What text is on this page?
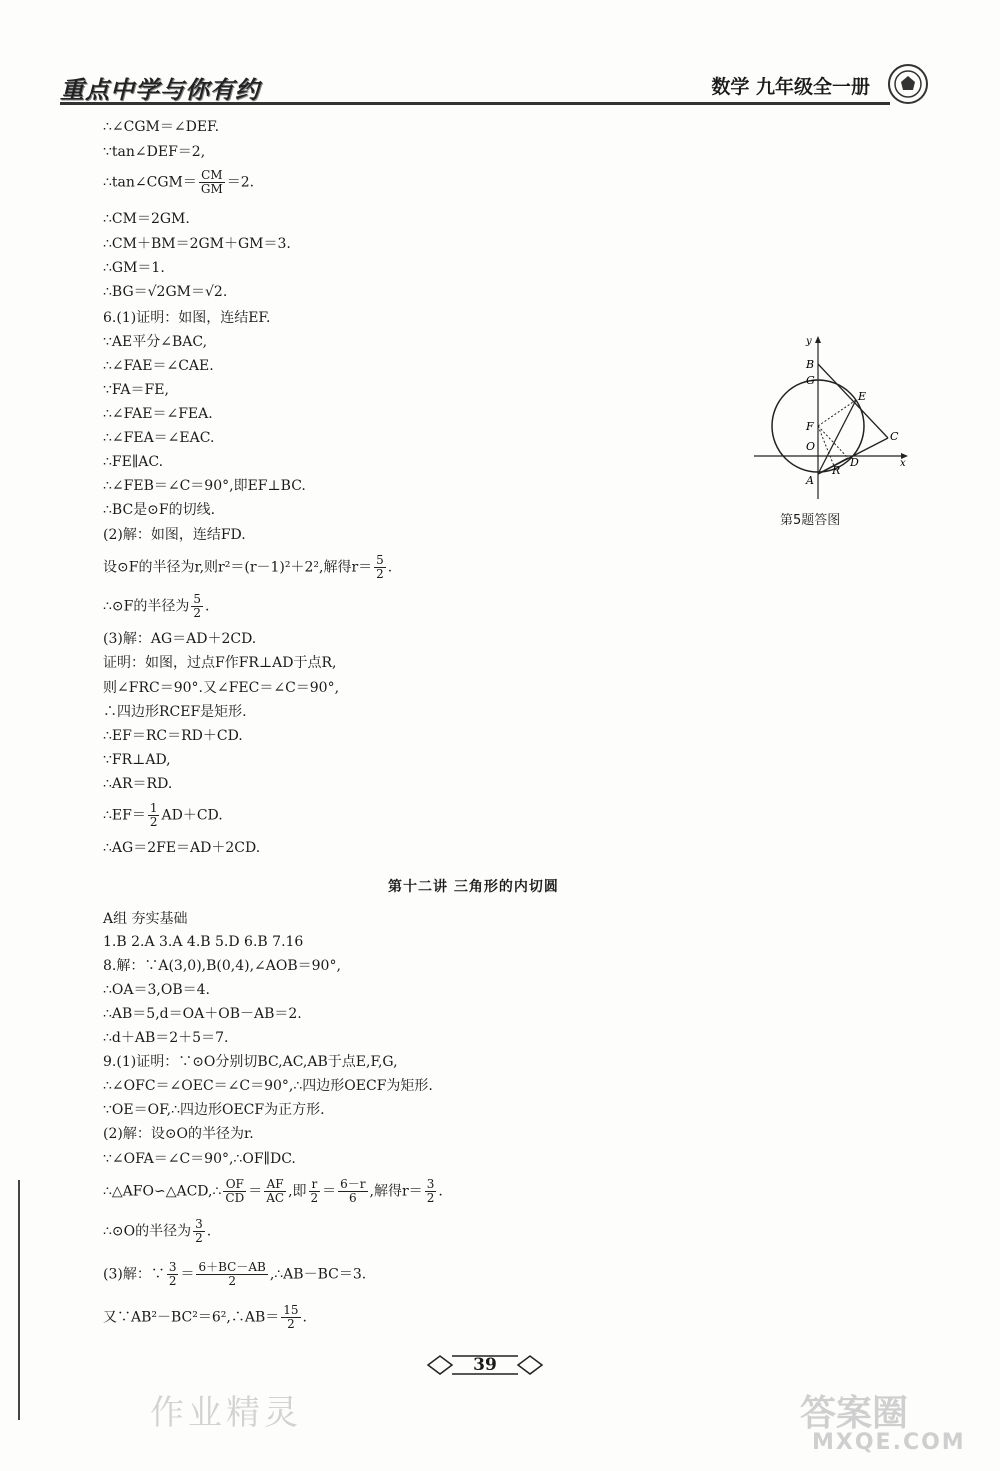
重点中学与你有约	数学 九年级全一册
∴∠CGM＝∠DEF.
∵tan∠DEF＝2,
∴tan∠CGM＝ $\frac{CM}{GM} =2$.
∴CM＝2GM.
∴CM＋BM＝2GM＋GM＝3.
∴GM＝1.
∴BG＝√2GM＝√2.
6.(1)证明：如图，连结EF.
∵AE平分∠BAC,
∴∠FAE＝∠CAE.
∵FA＝FE,
∴∠FAE＝∠FEA.
∴∠FEA＝∠EAC.
∴FE∥AC.
∴∠FEB＝∠C＝90°,即EF⊥BC.
∴BC是⊙F的切线.
(2)解：如图，连结FD.
设⊙F的半径为r,则r²＝(r－1)²＋2²,解得$r= \frac{5}{2}$ .
∴⊙F的半径为 $\frac{5}{2}$ .
(3)解：AG＝AD＋2CD.
证明：如图，过点F作FR⊥AD于点R,
则∠FRC＝90°.又∠FEC＝∠C＝90°,
∴四边形RCEF是矩形.
∴EF＝RC＝RD＋CD.
∵FR⊥AD,
∴AR＝RD.
∴EF＝ $\frac{1}{2} AD+CD$.
∴AG＝2FE＝AD＋2CD.
A组 夯实基础
1.B 2.A 3.A 4.B 5.D 6.B 7.16
8.解：∵A(3,0),B(0,4),∠AOB＝90°,
∴OA＝3,OB＝4.
∴AB＝5,d＝OA＋OB－AB＝2.
∴d＋AB＝2＋5＝7.
9.(1)证明：∵⊙O分别切BC,AC,AB于点E,F,G,
∴∠OFC＝∠OEC＝∠C＝90°,∴四边形OECF为矩形.
∵OE＝OF,∴四边形OECF为正方形.
(2)解：设⊙O的半径为r.
∵∠OFA＝∠C＝90°,∴OF∥DC.
∴△AFO∽△ACD,∴ $\frac{OF}{CD} = \frac{AF}{AC}$ ,即 $\frac{r}{2} = \frac{6-r}{6}$ ,解得$r= \frac{3}{2}$ .
∴⊙O的半径为 $\frac{3}{2}$ .
(3)解：∵ $\frac{3}{2} = \frac{6+BC-AB}{2}$ ,∴AB－BC＝3.
又∵AB²－BC²＝6²,∴AB＝ $\frac{15}{2}$ .
第十二讲 三角形的内切圆
y
B
G
E
F
O
C
R
D	x
A
第5题答图
39
作业精灵	答案圈
MXQE.COM
